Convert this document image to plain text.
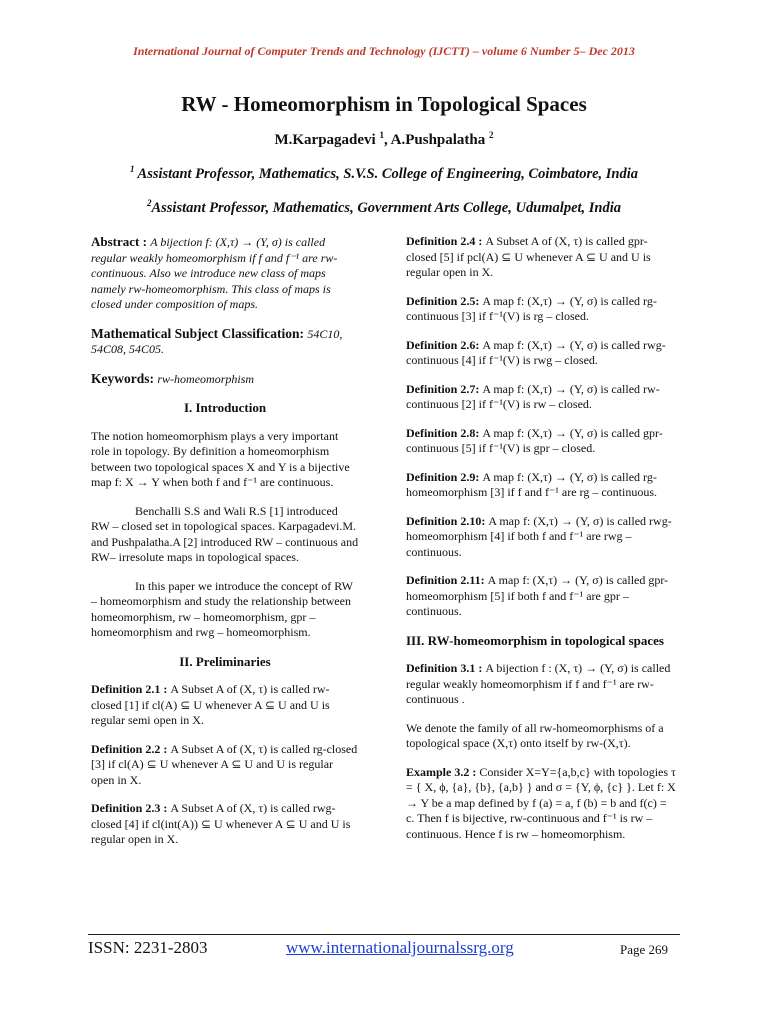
International Journal of Computer Trends and Technology (IJCTT) – volume 6 Number 5– Dec 2013
RW - Homeomorphism in Topological Spaces
M.Karpagadevi $^1$, A.Pushpalatha $^2$
$^1$ Assistant Professor, Mathematics, S.V.S. College of Engineering, Coimbatore, India
$^2$Assistant Professor, Mathematics, Government Arts College, Udumalpet, India

Abstract : A bijection f: (X,τ) → (Y, σ) is called regular weakly homeomorphism if f and f⁻¹ are rw-continuous. Also we introduce new class of maps namely rw-homeomorphism. This class of maps is closed under composition of maps.

Mathematical Subject Classification: 54C10, 54C08, 54C05.

Keywords: rw-homeomorphism

I. Introduction

The notion homeomorphism plays a very important role in topology. By definition a homeomorphism between two topological spaces X and Y is a bijective map f: X → Y when both f and f⁻¹ are continuous.

Benchalli S.S and Wali R.S [1] introduced RW – closed set in topological spaces. Karpagadevi.M. and Pushpalatha.A [2] introduced RW – continuous and RW– irresolute maps in topological spaces.

In this paper we introduce the concept of RW – homeomorphism and study the relationship between homeomorphism, rw – homeomorphism, gpr – homeomorphism and rwg – homeomorphism.

II. Preliminaries

Definition 2.1 : A Subset A of (X, τ) is called rw-closed [1] if cl(A) ⊆ U whenever A ⊆ U and U is regular semi open in X.

Definition 2.2 : A Subset A of (X, τ) is called rg-closed [3] if cl(A) ⊆ U whenever A ⊆ U and U is regular open in X.

Definition 2.3 : A Subset A of (X, τ) is called rwg-closed [4] if cl(int(A)) ⊆ U whenever A ⊆ U and U is regular open in X.

Definition 2.4 : A Subset A of (X, τ) is called gpr-closed [5] if pcl(A) ⊆ U whenever A ⊆ U and U is regular open in X.

Definition 2.5: A map f: (X,τ) → (Y, σ) is called rg-continuous [3] if f⁻¹(V) is rg – closed.

Definition 2.6: A map f: (X,τ) → (Y, σ) is called rwg-continuous [4] if f⁻¹(V) is rwg – closed.

Definition 2.7: A map f: (X,τ) → (Y, σ) is called rw-continuous [2] if f⁻¹(V) is rw – closed.

Definition 2.8: A map f: (X,τ) → (Y, σ) is called gpr-continuous [5] if f⁻¹(V) is gpr – closed.

Definition 2.9: A map f: (X,τ) → (Y, σ) is called rg-homeomorphism [3] if f and f⁻¹ are rg – continuous.

Definition 2.10: A map f: (X,τ) → (Y, σ) is called rwg-homeomorphism [4] if both f and f⁻¹ are rwg – continuous.

Definition 2.11: A map f: (X,τ) → (Y, σ) is called gpr-homeomorphism [5] if both f and f⁻¹ are gpr – continuous.

III. RW-homeomorphism in topological spaces

Definition 3.1 : A bijection f : (X, τ) → (Y, σ) is called regular weakly homeomorphism if f and f⁻¹ are rw-continuous .

We denote the family of all rw-homeomorphisms of a topological space (X,τ) onto itself by rw-(X,τ).

Example 3.2 : Consider X=Y={a,b,c} with topologies τ = { X, ϕ, {a}, {b}, {a,b} } and σ = {Y, ϕ, {c} }. Let f: X → Y be a map defined by f (a) = a, f (b) = b and f(c) = c. Then f is bijective, rw-continuous and f⁻¹ is rw –continuous. Hence f is rw – homeomorphism.

ISSN: 2231-2803	www.internationaljournalssrg.org	Page 269
